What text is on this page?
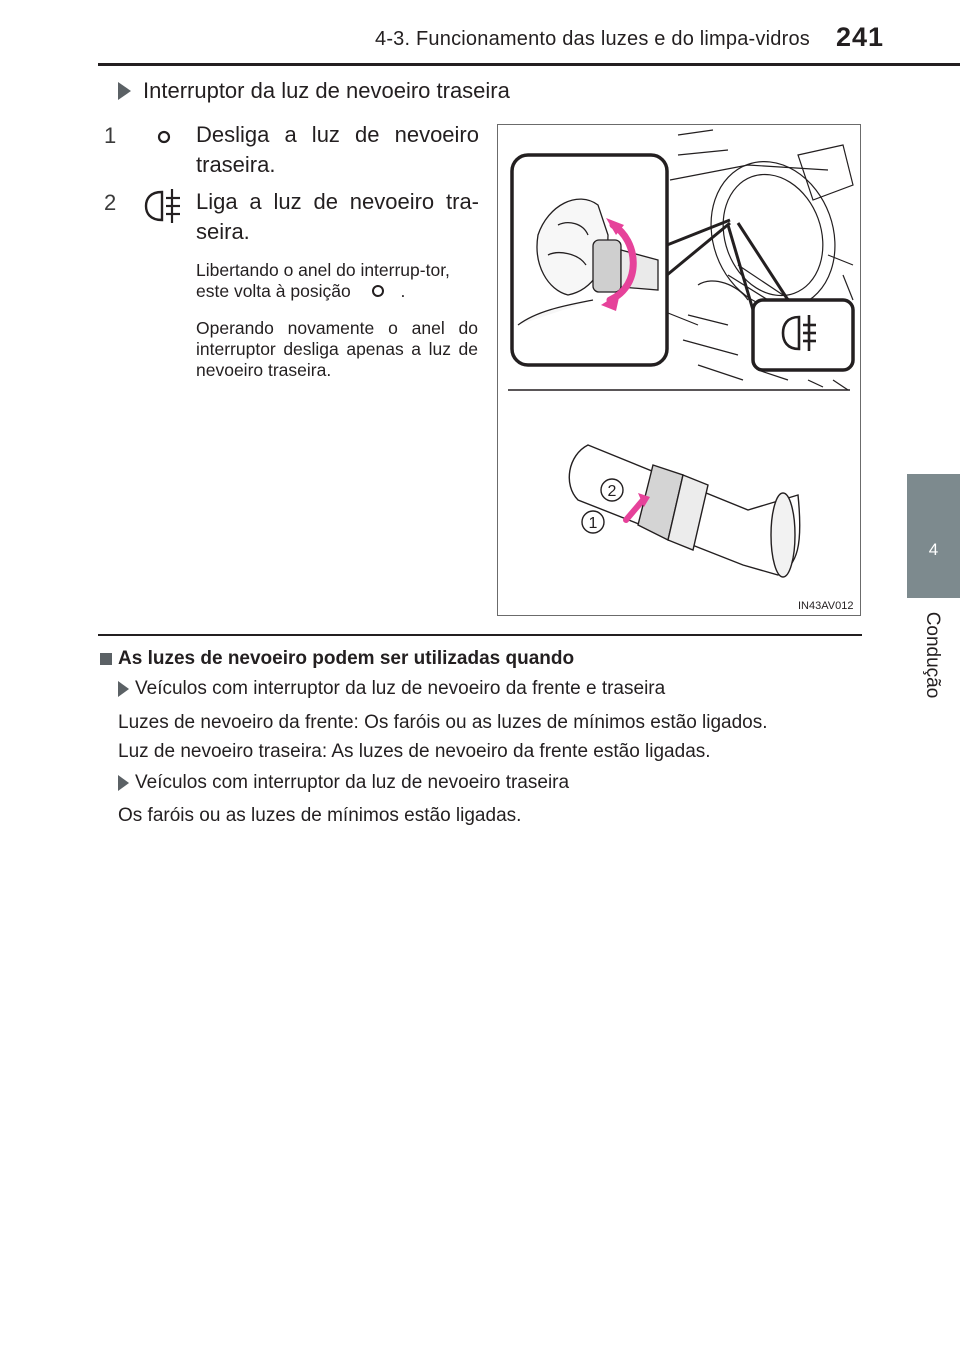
4-3. Funcionamento das luzes e do limpa-vidros 241
4
Condução
Interruptor da luz de nevoeiro traseira
1	Desliga a luz de nevoeiro traseira.
2	Liga a luz de nevoeiro tra-seira.
Libertando o anel do interrup-tor, este volta à posição	.
Operando novamente o anel do interruptor desliga apenas a luz de nevoeiro traseira.
2
1
IN43AV012
As luzes de nevoeiro podem ser utilizadas quando
Veículos com interruptor da luz de nevoeiro da frente e traseira
Luzes de nevoeiro da frente: Os faróis ou as luzes de mínimos estão ligados.
Luz de nevoeiro traseira: As luzes de nevoeiro da frente estão ligadas.
Veículos com interruptor da luz de nevoeiro traseira
Os faróis ou as luzes de mínimos estão ligadas.
